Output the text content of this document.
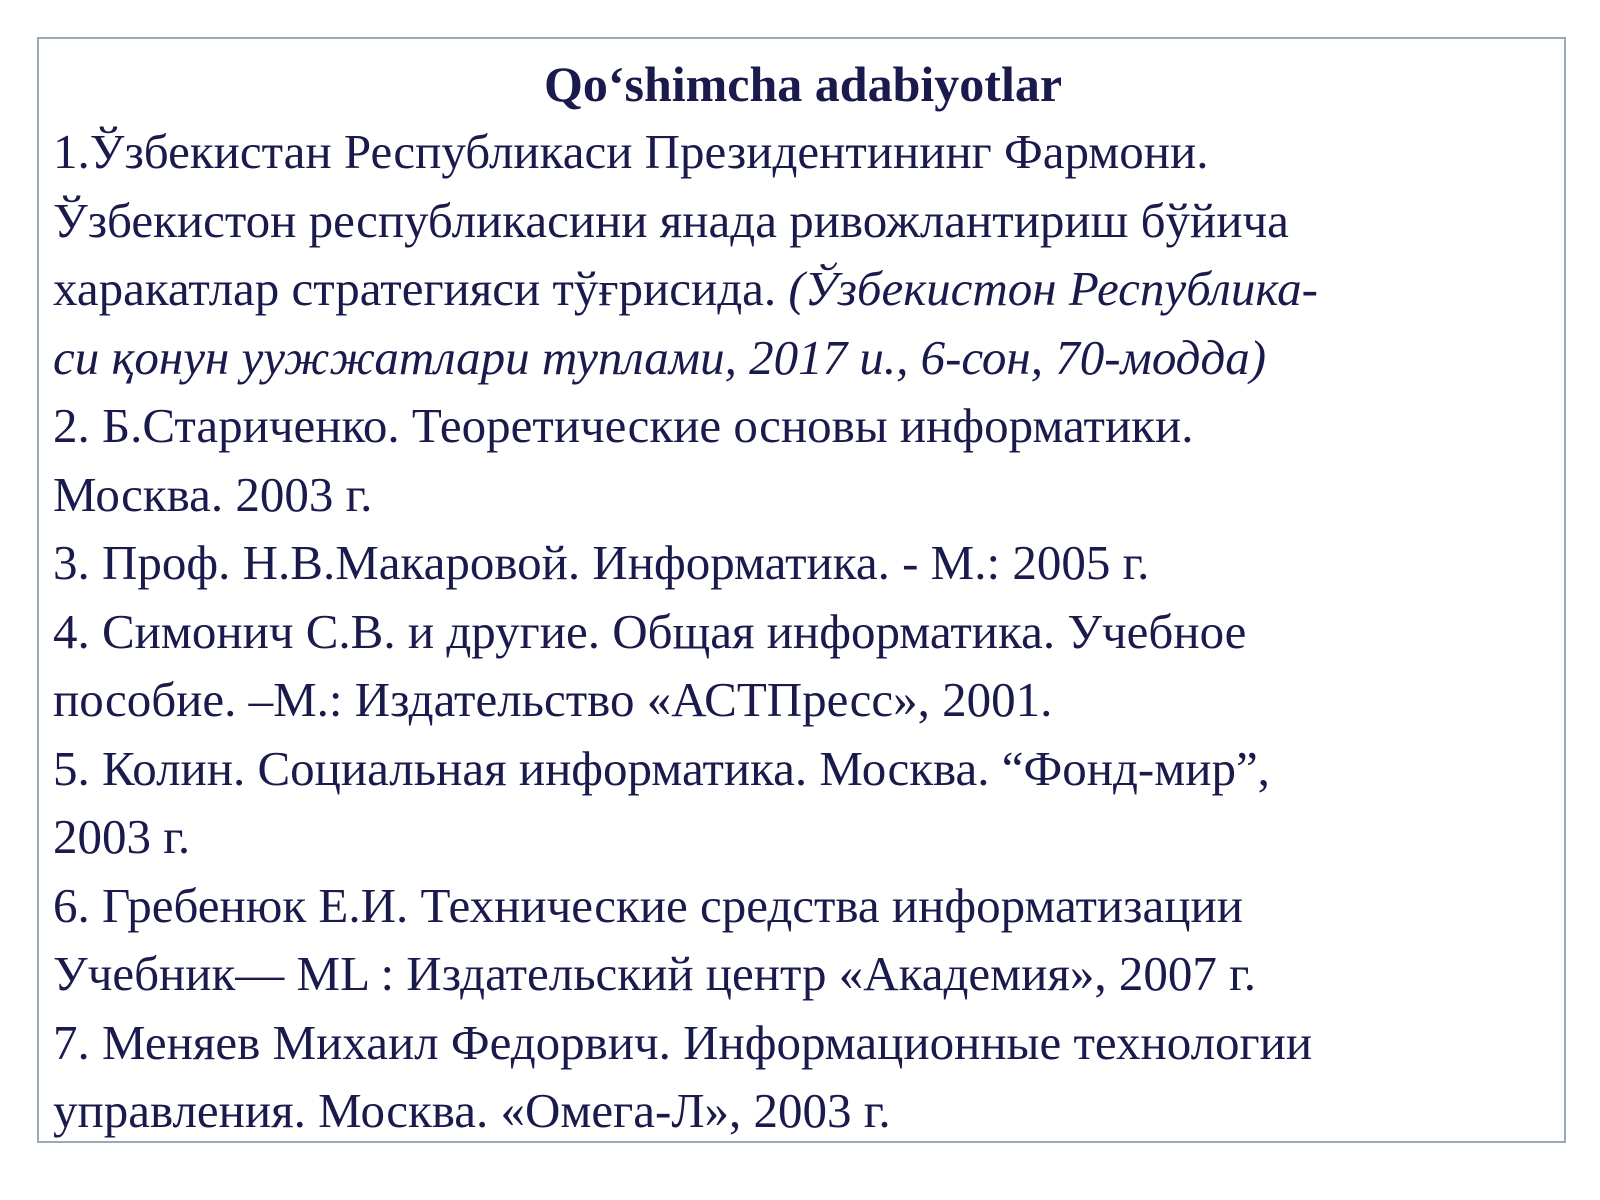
Qo‘shimcha adabiyotlar

1.Ўзбекистан Республикаси Президентининг Фармони.
Ўзбекистон республикасини янада ривожлантириш бўйича
харакатлар стратегияси тўғрисида. (Ўзбекистон Республика-
си қонун уужжатлари туплами, 2017 и., 6-сон, 70-модда)
2. Б.Стариченко. Теоретические основы информатики.
Москва. 2003 г.
3. Проф. Н.В.Макаровой. Информатика. - М.: 2005 г.
4. Симонич С.В. и другие. Общая информатика. Учебное
пособие. –М.: Издательство «АСТПресс», 2001.
5. Колин. Социальная информатика. Москва. “Фонд-мир”,
2003 г.
6. Гребенюк Е.И. Технические средства информатизации
Учебник— ML : Издательский центр «Академия», 2007 г.
7. Меняев Михаил Федорвич. Информационные технологии
управления. Москва. «Омега-Л», 2003 г.
